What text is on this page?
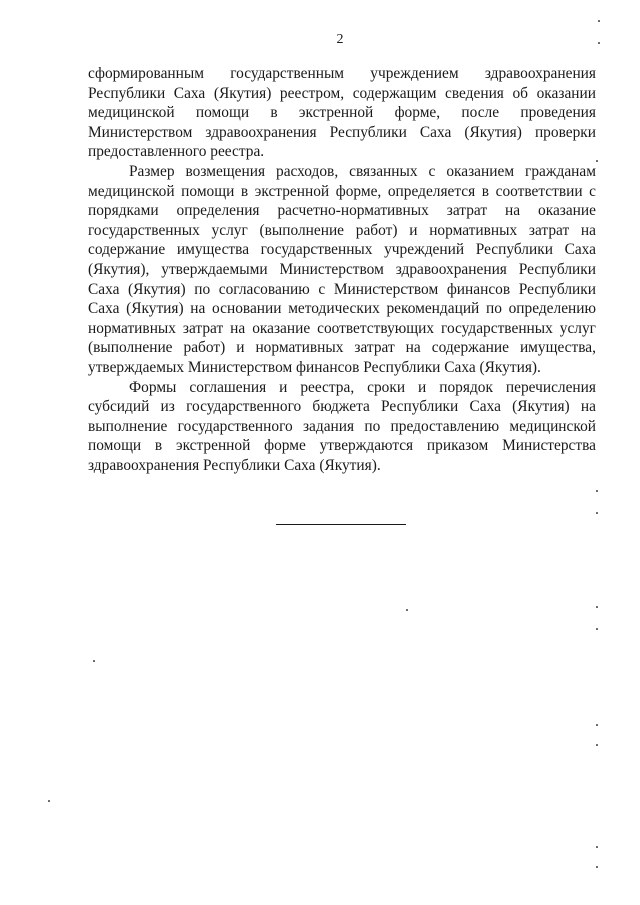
2

сформированным государственным учреждением здравоохранения Республики Саха (Якутия) реестром, содержащим сведения об оказании медицинской помощи в экстренной форме, после проведения Министерством здравоохранения Республики Саха (Якутия) проверки предоставленного реестра.

Размер возмещения расходов, связанных с оказанием гражданам медицинской помощи в экстренной форме, определяется в соответствии с порядками определения расчетно-нормативных затрат на оказание государственных услуг (выполнение работ) и нормативных затрат на содержание имущества государственных учреждений Республики Саха (Якутия), утверждаемыми Министерством здравоохранения Республики Саха (Якутия) по согласованию с Министерством финансов Республики Саха (Якутия) на основании методических рекомендаций по определению нормативных затрат на оказание соответствующих государственных услуг (выполнение работ) и нормативных затрат на содержание имущества, утверждаемых Министерством финансов Республики Саха (Якутия).

Формы соглашения и реестра, сроки и порядок перечисления субсидий из государственного бюджета Республики Саха (Якутия) на выполнение государственного задания по предоставлению медицинской помощи в экстренной форме утверждаются приказом Министерства здравоохранения Республики Саха (Якутия).
